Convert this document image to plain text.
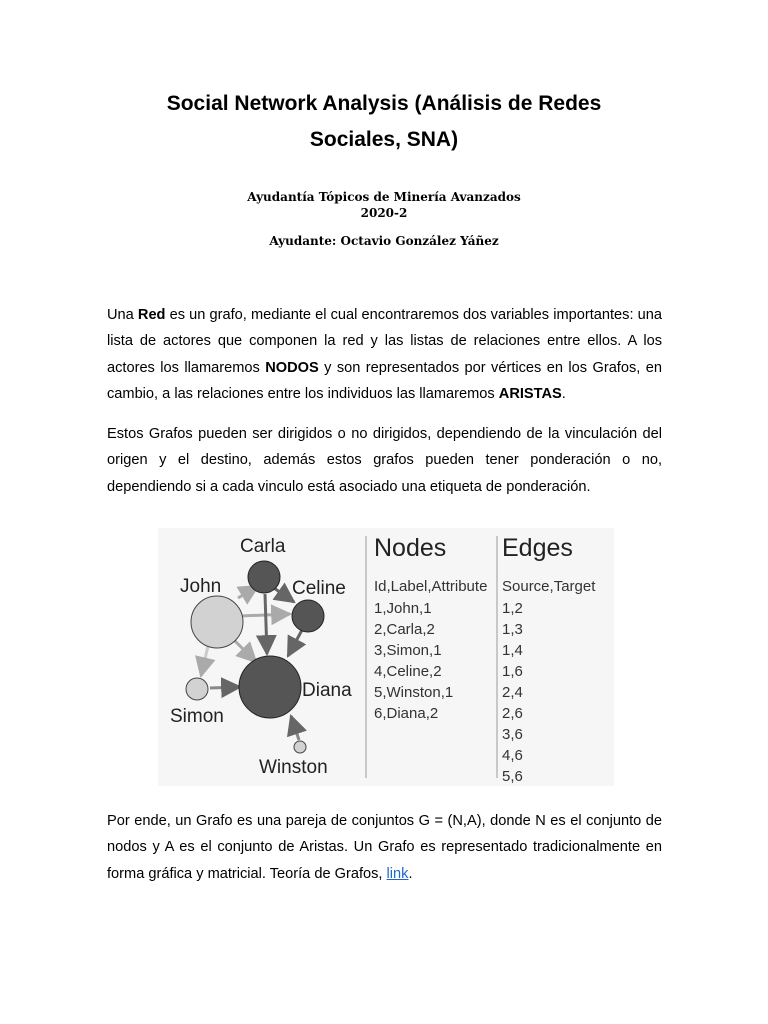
Social Network Analysis (Análisis de Redes
Sociales, SNA)
Ayudantía Tópicos de Minería Avanzados
2020-2
Ayudante: Octavio González Yáñez
Una Red es un grafo, mediante el cual encontraremos dos variables importantes: una lista de actores que componen la red y las listas de relaciones entre ellos. A los actores los llamaremos NODOS y son representados por vértices en los Grafos, en cambio, a las relaciones entre los individuos las llamaremos ARISTAS.
Estos Grafos pueden ser dirigidos o no dirigidos, dependiendo de la vinculación del origen y el destino, además estos grafos pueden tener ponderación o no, dependiendo si a cada vinculo está asociado una etiqueta de ponderación.
Carla
John	Celine
Simon
Diana
Winston
Nodes
Id,Label,Attribute
1,John,1
2,Carla,2
3,Simon,1
4,Celine,2
5,Winston,1
6,Diana,2
Edges
Source,Target
1,2
1,3
1,4
1,6
2,4
2,6
3,6
4,6
5,6
Por ende, un Grafo es una pareja de conjuntos G = (N,A), donde N es el conjunto de nodos y A es el conjunto de Aristas. Un Grafo es representado tradicionalmente en forma gráfica y matricial. Teoría de Grafos, link.
